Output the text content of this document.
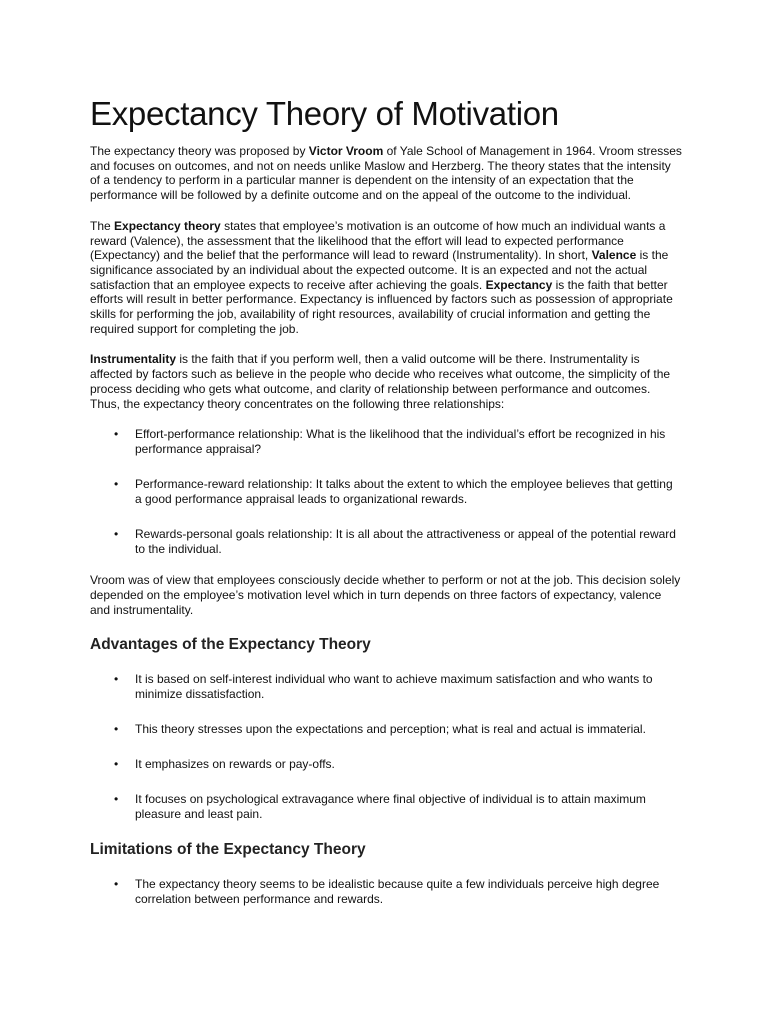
Expectancy Theory of Motivation

The expectancy theory was proposed by Victor Vroom of Yale School of Management in 1964. Vroom stresses and focuses on outcomes, and not on needs unlike Maslow and Herzberg. The theory states that the intensity of a tendency to perform in a particular manner is dependent on the intensity of an expectation that the performance will be followed by a definite outcome and on the appeal of the outcome to the individual.

The Expectancy theory states that employee’s motivation is an outcome of how much an individual wants a reward (Valence), the assessment that the likelihood that the effort will lead to expected performance (Expectancy) and the belief that the performance will lead to reward (Instrumentality). In short, Valence is the significance associated by an individual about the expected outcome. It is an expected and not the actual satisfaction that an employee expects to receive after achieving the goals. Expectancy is the faith that better efforts will result in better performance. Expectancy is influenced by factors such as possession of appropriate skills for performing the job, availability of right resources, availability of crucial information and getting the required support for completing the job.

Instrumentality is the faith that if you perform well, then a valid outcome will be there. Instrumentality is affected by factors such as believe in the people who decide who receives what outcome, the simplicity of the process deciding who gets what outcome, and clarity of relationship between performance and outcomes. Thus, the expectancy theory concentrates on the following three relationships:

• Effort-performance relationship: What is the likelihood that the individual’s effort be recognized in his performance appraisal?
• Performance-reward relationship: It talks about the extent to which the employee believes that getting a good performance appraisal leads to organizational rewards.
• Rewards-personal goals relationship: It is all about the attractiveness or appeal of the potential reward to the individual.

Vroom was of view that employees consciously decide whether to perform or not at the job. This decision solely depended on the employee’s motivation level which in turn depends on three factors of expectancy, valence and instrumentality.

Advantages of the Expectancy Theory
• It is based on self-interest individual who want to achieve maximum satisfaction and who wants to minimize dissatisfaction.
• This theory stresses upon the expectations and perception; what is real and actual is immaterial.
• It emphasizes on rewards or pay-offs.
• It focuses on psychological extravagance where final objective of individual is to attain maximum pleasure and least pain.
Limitations of the Expectancy Theory
• The expectancy theory seems to be idealistic because quite a few individuals perceive high degree correlation between performance and rewards.
